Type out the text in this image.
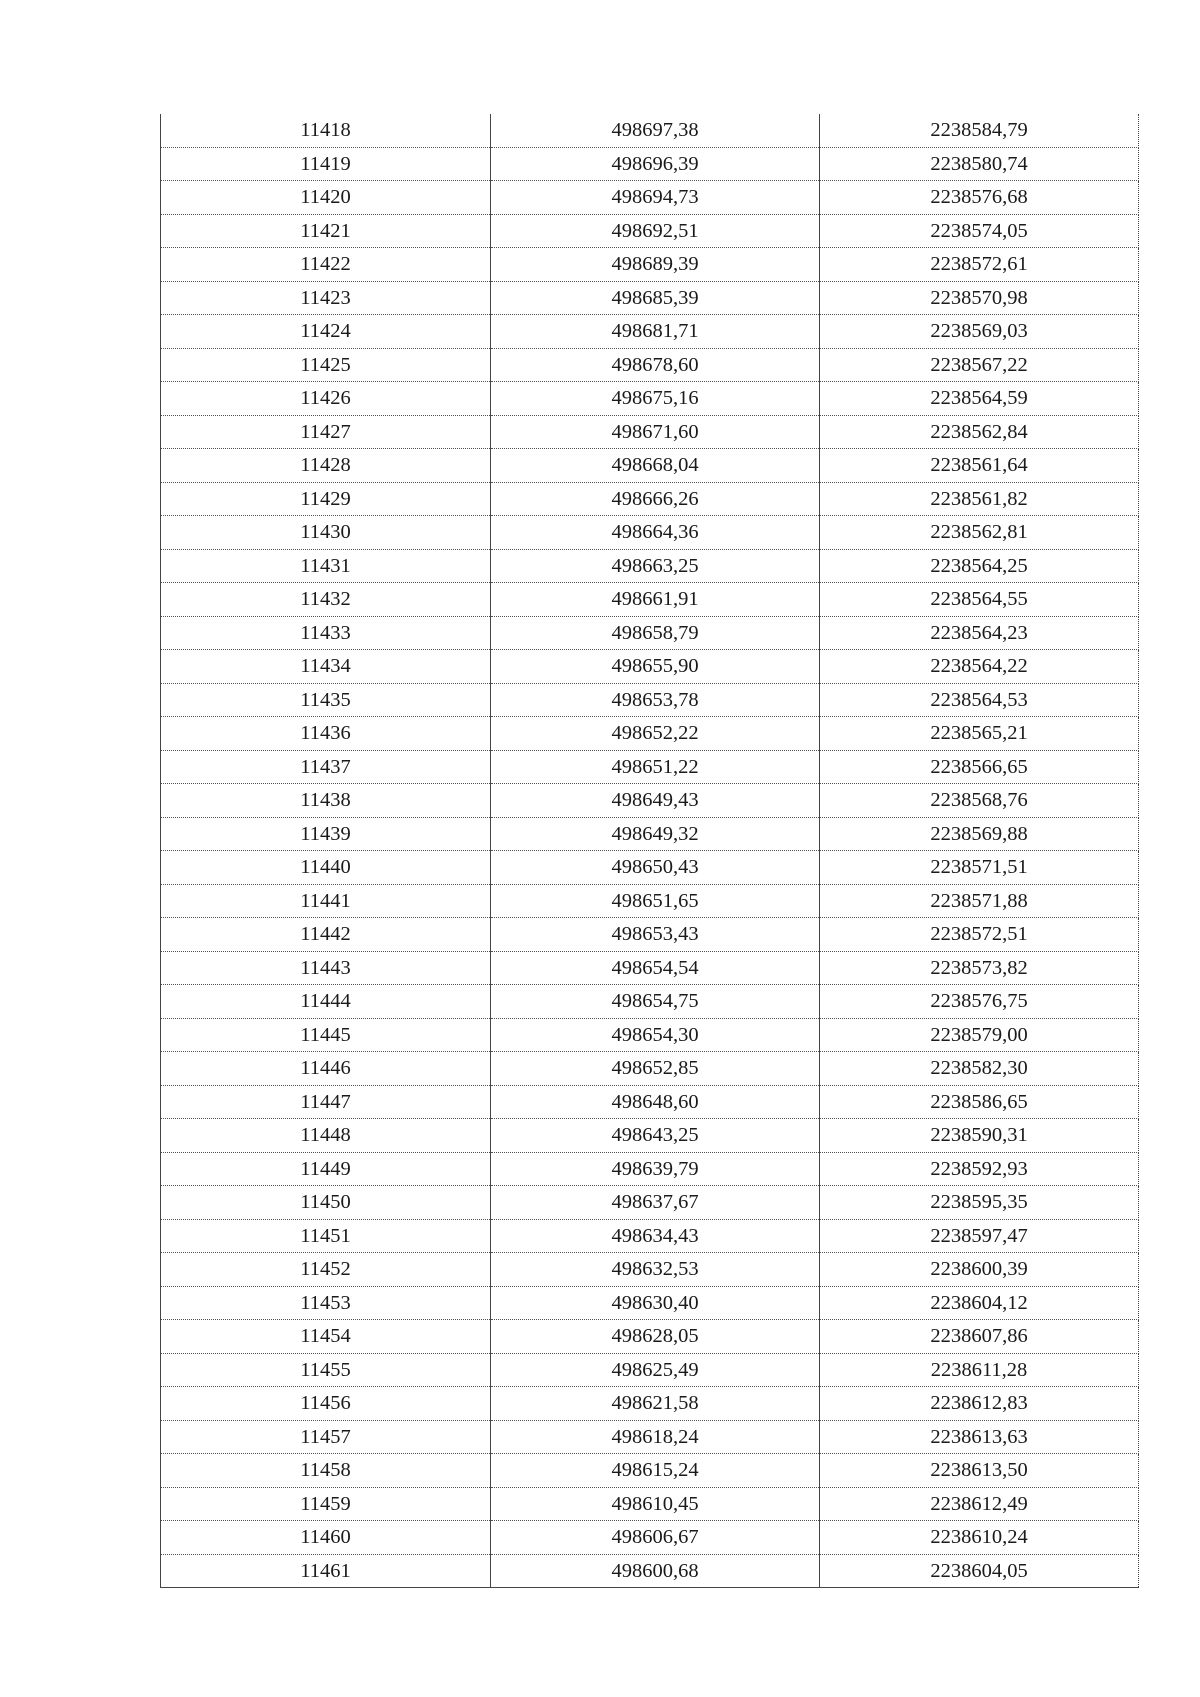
11418	498697,38	2238584,79
11419	498696,39	2238580,74
11420	498694,73	2238576,68
11421	498692,51	2238574,05
11422	498689,39	2238572,61
11423	498685,39	2238570,98
11424	498681,71	2238569,03
11425	498678,60	2238567,22
11426	498675,16	2238564,59
11427	498671,60	2238562,84
11428	498668,04	2238561,64
11429	498666,26	2238561,82
11430	498664,36	2238562,81
11431	498663,25	2238564,25
11432	498661,91	2238564,55
11433	498658,79	2238564,23
11434	498655,90	2238564,22
11435	498653,78	2238564,53
11436	498652,22	2238565,21
11437	498651,22	2238566,65
11438	498649,43	2238568,76
11439	498649,32	2238569,88
11440	498650,43	2238571,51
11441	498651,65	2238571,88
11442	498653,43	2238572,51
11443	498654,54	2238573,82
11444	498654,75	2238576,75
11445	498654,30	2238579,00
11446	498652,85	2238582,30
11447	498648,60	2238586,65
11448	498643,25	2238590,31
11449	498639,79	2238592,93
11450	498637,67	2238595,35
11451	498634,43	2238597,47
11452	498632,53	2238600,39
11453	498630,40	2238604,12
11454	498628,05	2238607,86
11455	498625,49	2238611,28
11456	498621,58	2238612,83
11457	498618,24	2238613,63
11458	498615,24	2238613,50
11459	498610,45	2238612,49
11460	498606,67	2238610,24
11461	498600,68	2238604,05
